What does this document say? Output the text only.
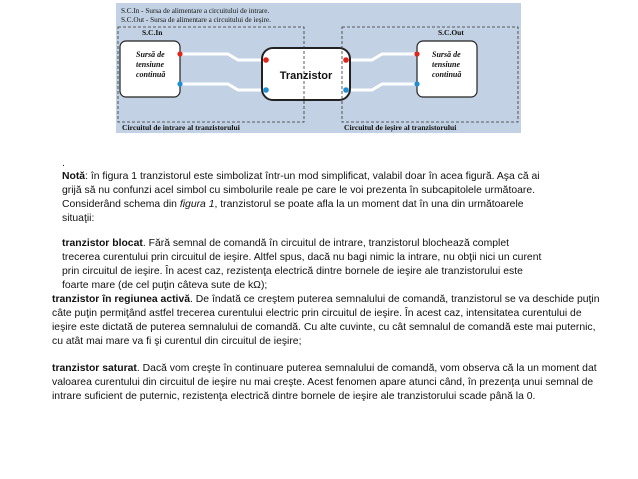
S.C.In - Sursa de alimentare a circuitului de intrare.
S.C.Out - Sursa de alimentare a circuitului de ieșire.
S.C.In	S.C.Out
Sursă de
tensiune
continuă	Tranzistor
Sursă de
tensiune
continuă
Circuitul de intrare al tranzistorului	Circuitul de ieșire al tranzistorului
.
Notă: în figura 1 tranzistorul este simbolizat într-un mod simplificat, valabil doar în acea figură. Aşa că ai
grijă să nu confunzi acel simbol cu simbolurile reale pe care le voi prezenta în subcapitolele următoare.
Considerând schema din figura 1, tranzistorul se poate afla la un moment dat în una din următoarele
situaţii:
tranzistor blocat. Fără semnal de comandă în circuitul de intrare, tranzistorul blochează complet
trecerea curentului prin circuitul de ieşire. Altfel spus, dacă nu bagi nimic la intrare, nu obţii nici un curent
prin circuitul de ieşire. În acest caz, rezistenţa electrică dintre bornele de ieşire ale tranzistorului este
foarte mare (de cel puţin câteva sute de kΩ);
tranzistor în regiunea activă. De îndată ce creştem puterea semnalului de comandă, tranzistorul se va deschide puţin
câte puţin permiţând astfel trecerea curentului electric prin circuitul de ieşire. În acest caz, intensitatea curentului de
ieşire este dictată de puterea semnalului de comandă. Cu alte cuvinte, cu cât semnalul de comandă este mai puternic,
cu atât mai mare va fi şi curentul din circuitul de ieşire;
tranzistor saturat. Dacă vom creşte în continuare puterea semnalului de comandă, vom observa că la un moment dat
valoarea curentului din circuitul de ieşire nu mai creşte. Acest fenomen apare atunci când, în prezenţa unui semnal de
intrare suficient de puternic, rezistenţa electrică dintre bornele de ieşire ale tranzistorului scade până la 0.
